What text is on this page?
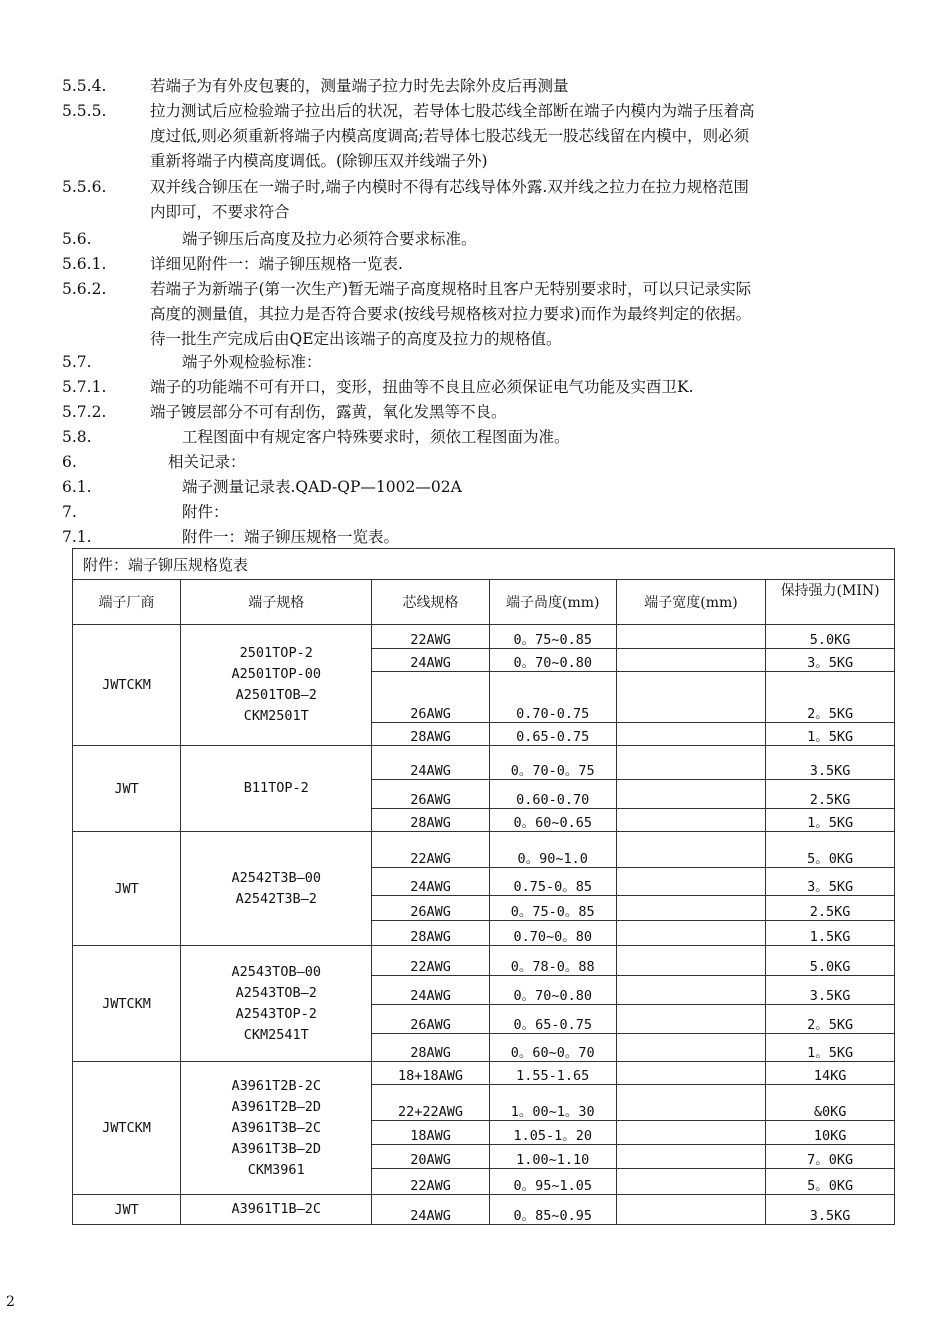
5.5.4.	若端子为有外皮包裹的，测量端子拉力时先去除外皮后再测量
5.5.5.	拉力测试后应检验端子拉出后的状况，若导体七股芯线全部断在端子内模内为端子压着高
度过低,则必须重新将端子内模高度调高;若导体七股芯线无一股芯线留在内模中，则必须
重新将端子内模高度调低。(除铆压双并线端子外)
5.5.6.	双并线合铆压在一端子时,端子内模时不得有芯线导体外露.双并线之拉力在拉力规格范围
内即可，不要求符合
5.6.	端子铆压后高度及拉力必须符合要求标准。
5.6.1.	详细见附件一：端子铆压规格一览表.
5.6.2.	若端子为新端子(第一次生产)暂无端子高度规格时且客户无特别要求时，可以只记录实际
高度的测量值，其拉力是否符合要求(按线号规格核对拉力要求)而作为最终判定的依据。
待一批生产完成后由QE定出该端子的高度及拉力的规格值。
5.7.	端子外观检验标准：
5.7.1.	端子的功能端不可有开口，变形，扭曲等不良且应必须保证电气功能及实酉卫K.
5.7.2.	端子镀层部分不可有刮伤，露黄，氧化发黑等不良。
5.8.	工程图面中有规定客户特殊要求时，须依工程图面为准。
6.	相关记录：
6.1.	端子测量记录表.QAD-QP—1002—02A
7.	附件：
7.1.	附件一：端子铆压规格一览表。
附件：端子铆压规格览表					
端子厂商	端子规格	芯线规格	端子咼度(mm)	端子宽度(mm)	保持强力(MIN)
JWTCKM	2501TOP-2
A2501TOP-00
A2501TOB—2
CKM2501T	22AWG	0。75~0.85		5.0KG
		24AWG	0。70~0.80		3。5KG
		26AWG	0.70-0.75		2。5KG
		28AWG	0.65-0.75		1。5KG
JWT	B11TOP-2	24AWG	0。70-0。75		3.5KG
		26AWG	0.60-0.70		2.5KG
		28AWG	0。60~0.65		1。5KG
JWT	A2542T3B—00
A2542T3B—2	22AWG	0。90~1.0		5。0KG
		24AWG	0.75-0。85		3。5KG
		26AWG	0。75-0。85		2.5KG
		28AWG	0.70~0。80		1.5KG
JWTCKM	A2543TOB—00
A2543TOB—2
A2543TOP-2
CKM2541T	22AWG	0。78-0。88		5.0KG
		24AWG	0。70~0.80		3.5KG
		26AWG	0。65-0.75		2。5KG
		28AWG	0。60~0。70		1。5KG
JWTCKM	A3961T2B-2C
A3961T2B—2D
A3961T3B—2C
A3961T3B—2D
CKM3961	18+18AWG	1.55-1.65		14KG
		22+22AWG	1。00~1。30		&0KG
		18AWG	1.05-1。20		10KG
		20AWG	1.00~1.10		7。0KG
		22AWG	0。95~1.05		5。0KG
JWT	A3961T1B—2C	24AWG	0。85~0.95		3.5KG
2
